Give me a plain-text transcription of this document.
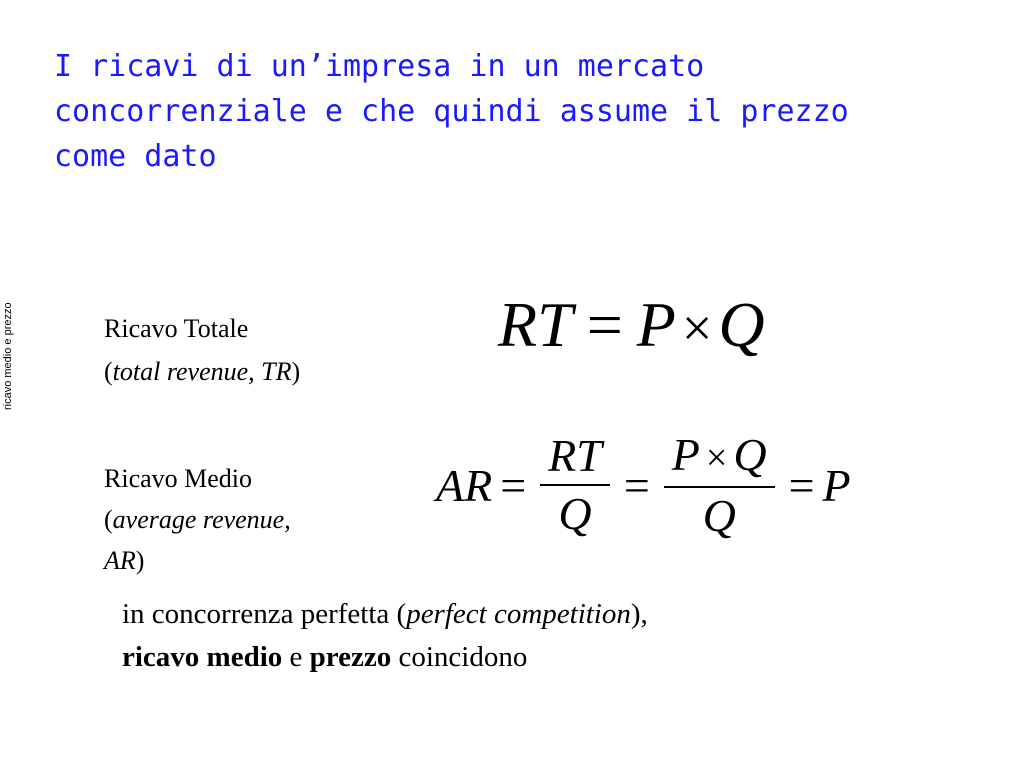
I ricavi di un’impresa in un mercato
concorrenziale e che quindi assume il prezzo
come dato
ricavo medio e prezzo	Ricavo Totale
(total revenue, TR)
RT = P ×Q
Ricavo Medio
(average revenue,
AR)
AR = $\frac{RT}{Q} = \frac{P \times Q}{Q} = P$
in concorrenza perfetta (perfect competition),
ricavo medio e prezzo coincidono
